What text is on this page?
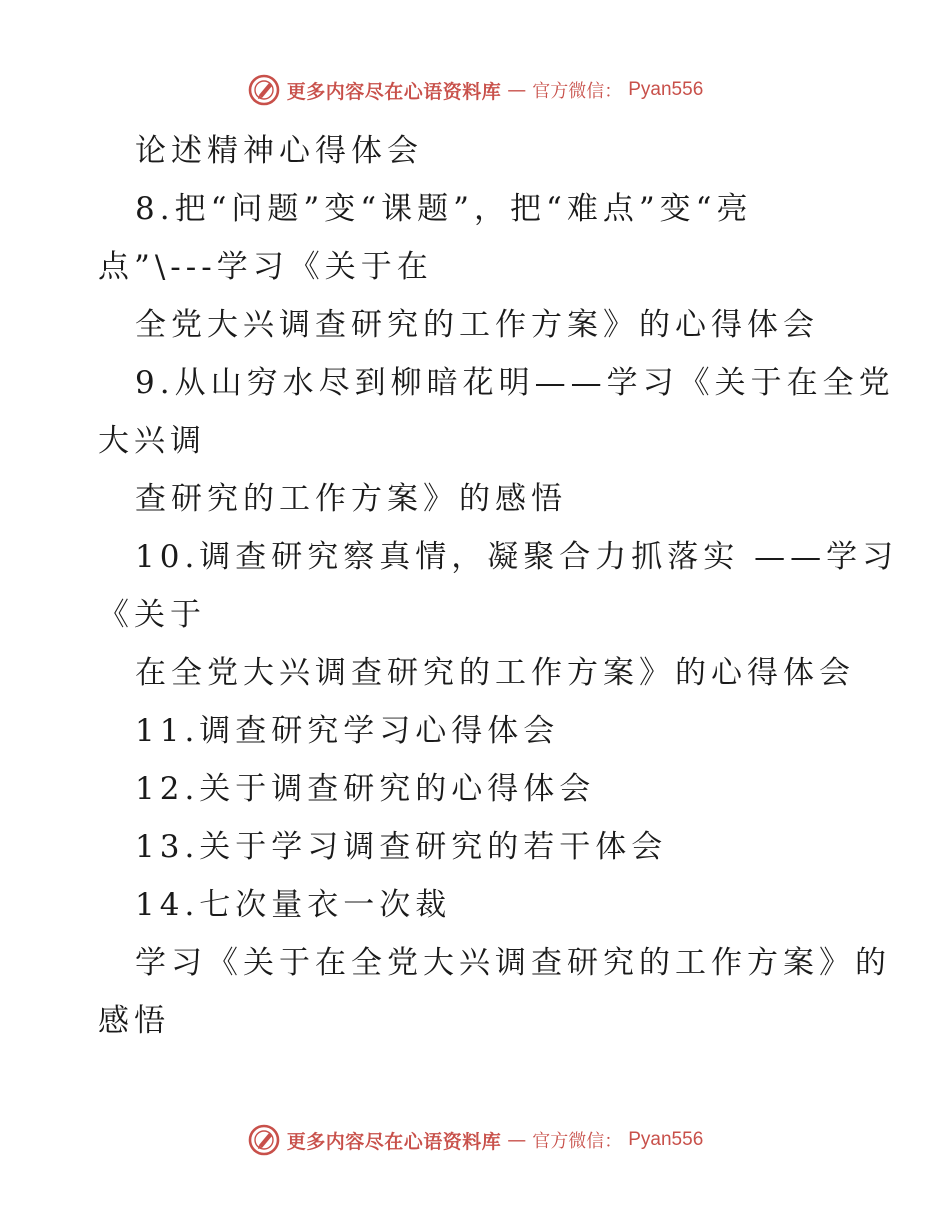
更多内容尽在心语资料库 — 官方微信： Pyan556
论述精神心得体会
8.把“问题”变“课题”，把“难点”变“亮
点”\---学习《关于在
全党大兴调查研究的工作方案》的心得体会
9.从山穷水尽到柳暗花明——学习《关于在全党
大兴调
查研究的工作方案》的感悟
10.调查研究察真情，凝聚合力抓落实 ——学习
《关于
在全党大兴调查研究的工作方案》的心得体会
11.调查研究学习心得体会
12.关于调查研究的心得体会
13.关于学习调查研究的若干体会
14.七次量衣一次裁
学习《关于在全党大兴调查研究的工作方案》的
感悟
更多内容尽在心语资料库 — 官方微信： Pyan556
